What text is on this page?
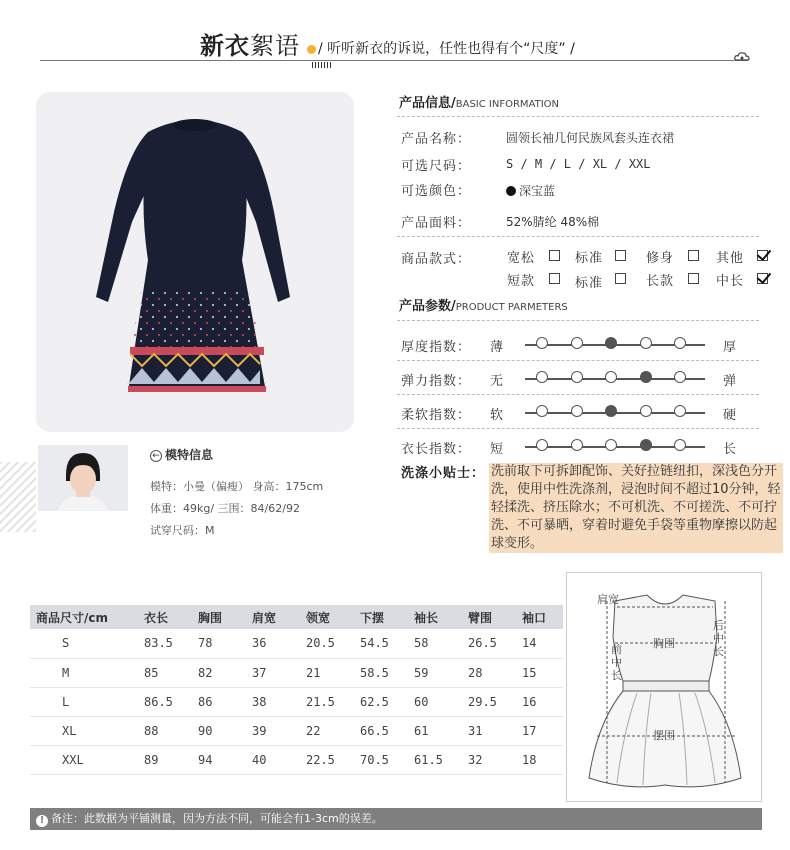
新衣絮语 / 听听新衣的诉说，任性也得有个“尺度” /
产品信息/BASIC INFORMATION
产品名称：	圆领长袖几何民族风套头连衣裙
可选尺码：	S / M / L / XL / XXL
可选颜色：	深宝蓝
产品面料：	52%腈纶 48%棉
商品款式：	宽松	标准	修身	其他
短款	标准	长款	中长
产品参数/PRODUCT PARMETERS
厚度指数： 薄	厚
弹力指数： 无	弹
柔软指数： 软	硬
衣长指数： 短	长
洗涤小贴士： 洗前取下可拆卸配饰、关好拉链纽扣，深浅色分开洗，使用中性洗涤剂，浸泡时间不超过10分钟，轻轻揉洗、挤压除水；不可机洗、不可搓洗、不可拧洗、不可暴晒，穿着时避免手袋等重物摩擦以防起球变形。
← 模特信息
模特：小曼（偏瘦） 身高：175cm
体重：49kg/ 三围：84/62/92
试穿尺码：M
商品尺寸/cm	衣长	胸围	肩宽	领宽	下摆	袖长	臂围	袖口
S	83.5	78	36	20.5	54.5	58	26.5	14
M	85	82	37	21	58.5	59	28	15
L	86.5	86	38	21.5	62.5	60	29.5	16
XL	88	90	39	22	66.5	61	31	17
XXL	89	94	40	22.5	70.5	61.5	32	18
肩宽
胸围
前中长
后中长
摆围
! 备注：此数据为平铺测量，因为方法不同，可能会有1-3cm的误差。
